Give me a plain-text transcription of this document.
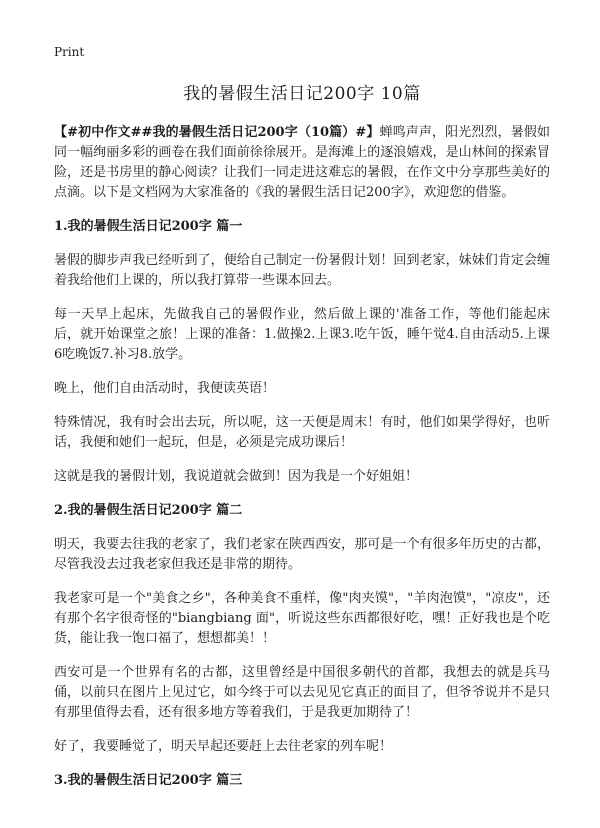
Print
我的暑假生活日记200字 10篇

【#初中作文##我的暑假生活日记200字（10篇）#】蝉鸣声声，阳光烈烈，暑假如同一幅绚丽多彩的画卷在我们面前徐徐展开。是海滩上的逐浪嬉戏，是山林间的探索冒险，还是书房里的静心阅读？让我们一同走进这难忘的暑假，在作文中分享那些美好的点滴。以下是文档网为大家准备的《我的暑假生活日记200字》，欢迎您的借鉴。

1.我的暑假生活日记200字 篇一

暑假的脚步声我已经听到了，便给自己制定一份暑假计划！回到老家，妹妹们肯定会缠着我给他们上课的，所以我打算带一些课本回去。

每一天早上起床，先做我自己的暑假作业，然后做上课的'准备工作，等他们能起床后，就开始课堂之旅！上课的准备：1.做操2.上课3.吃午饭，睡午觉4.自由活动5.上课6吃晚饭7.补习8.放学。

晚上，他们自由活动时，我便读英语！

特殊情况，我有时会出去玩，所以呢，这一天便是周末！有时，他们如果学得好，也听话，我便和她们一起玩，但是，必须是完成功课后！

这就是我的暑假计划，我说道就会做到！因为我是一个好姐姐！

2.我的暑假生活日记200字 篇二

明天，我要去往我的老家了，我们老家在陕西西安，那可是一个有很多年历史的古都，尽管我没去过我老家但我还是非常的期待。

我老家可是一个"美食之乡"，各种美食不重样，像"肉夹馍"，"羊肉泡馍"，"凉皮"，还有那个名字很奇怪的"biangbiang 面"，听说这些东西都很好吃，嘿！正好我也是个吃货，能让我一饱口福了，想想都美！！

西安可是一个世界有名的古都，这里曾经是中国很多朝代的首都，我想去的就是兵马俑，以前只在图片上见过它，如今终于可以去见见它真正的面目了，但爷爷说并不是只有那里值得去看，还有很多地方等着我们，于是我更加期待了！

好了，我要睡觉了，明天早起还要赶上去往老家的列车呢！

3.我的暑假生活日记200字 篇三
